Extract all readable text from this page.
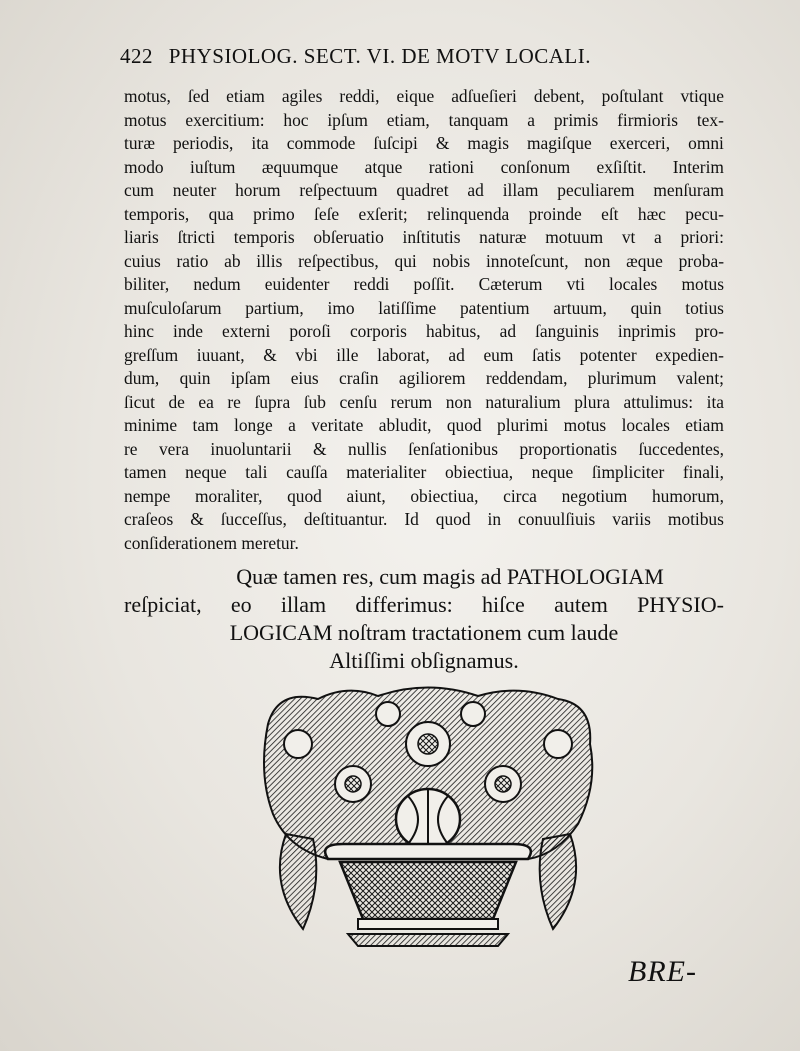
422 PHYSIOLOG. SECT. VI. DE MOTV LOCALI.
motus, ſed etiam agiles reddi, eique adſueſieri debent, poſtulant vtique
motus exercitium: hoc ipſum etiam, tanquam a primis firmioris tex-
turæ periodis, ita commode ſuſcipi & magis magiſque exerceri, omni
modo iuſtum æquumque atque rationi conſonum exſiſtit. Interim
cum neuter horum reſpectuum quadret ad illam peculiarem menſuram
temporis, qua primo ſeſe exſerit; relinquenda proinde eſt hæc pecu-
liaris ſtricti temporis obſeruatio inſtitutis naturæ motuum vt a priori:
cuius ratio ab illis reſpectibus, qui nobis innoteſcunt, non æque proba-
biliter, nedum euidenter reddi poſſit. Cæterum vti locales motus
muſculoſarum partium, imo latiſſime patentium artuum, quin totius
hinc inde externi poroſi corporis habitus, ad ſanguinis inprimis pro-
greſſum iuuant, & vbi ille laborat, ad eum ſatis potenter expedien-
dum, quin ipſam eius craſin agiliorem reddendam, plurimum valent;
ſicut de ea re ſupra ſub cenſu rerum non naturalium plura attulimus: ita
minime tam longe a veritate abludit, quod plurimi motus locales etiam
re vera inuoluntarii & nullis ſenſationibus proportionatis ſuccedentes,
tamen neque tali cauſſa materialiter obiectiua, neque ſimpliciter finali,
nempe moraliter, quod aiunt, obiectiua, circa negotium humorum,
craſeos & ſucceſſus, deſtituantur. Id quod in conuulſiuis variis motibus
conſiderationem meretur.
Quæ tamen res, cum magis ad PATHOLOGIAM
reſpiciat, eo illam differimus: hiſce autem PHYSIO-
LOGICAM noſtram tractationem cum laude
Altiſſimi obſignamus.
BRE-
